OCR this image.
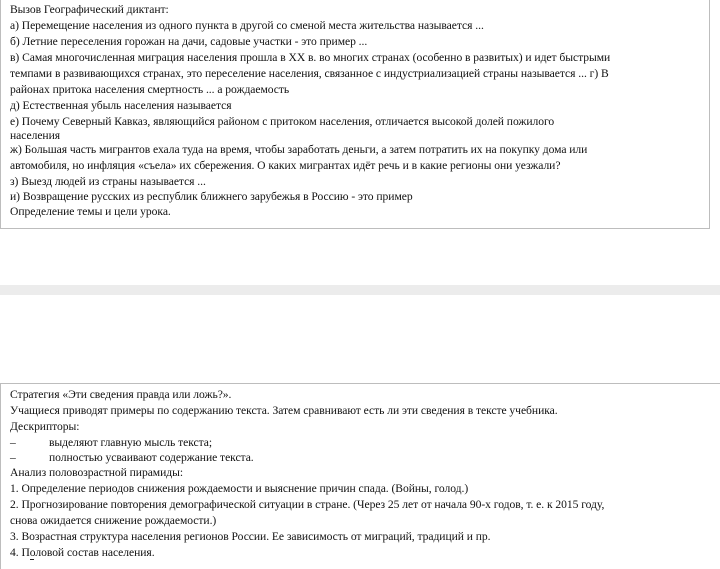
Вызов Географический диктант:
а) Перемещение населения из одного пункта в другой со сменой места жительства называется ...
б) Летние переселения горожан на дачи, садовые участки - это пример ...
в) Самая многочисленная миграция населения прошла в XX в. во многих странах (особенно в развитых) и идет быстрыми
темпами в развивающихся странах, это переселение населения, связанное с индустриализацией страны называется ... г) В
районах притока населения смертность ... а рождаемость
д) Естественная убыль населения называется
е) Почему Северный Кавказ, являющийся районом с притоком населения, отличается высокой долей пожилого
населения
ж) Большая часть мигрантов ехала туда на время, чтобы заработать деньги, а затем потратить их на покупку дома или
автомобиля, но инфляция «съела» их сбережения. О каких мигрантах идёт речь и в какие регионы они уезжали?
з) Выезд людей из страны называется ...
и) Возвращение русских из республик ближнего зарубежья в Россию - это пример
Определение темы и цели урока.
Стратегия «Эти сведения правда или ложь?».
Учащиеся приводят примеры по содержанию текста. Затем сравнивают есть ли эти сведения в тексте учебника.
Дескрипторы:
–	выделяют главную мысль текста;
–	полностью усваивают содержание текста.
Анализ половозрастной пирамиды:
1. Определение периодов снижения рождаемости и выяснение причин спада. (Войны, голод.)
2. Прогнозирование повторения демографической ситуации в стране. (Через 25 лет от начала 90-х годов, т. е. к 2015 году,
снова ожидается снижение рождаемости.)
3. Возрастная структура населения регионов России. Ее зависимость от миграций, традиций и пр.
4. Половой состав населения.
